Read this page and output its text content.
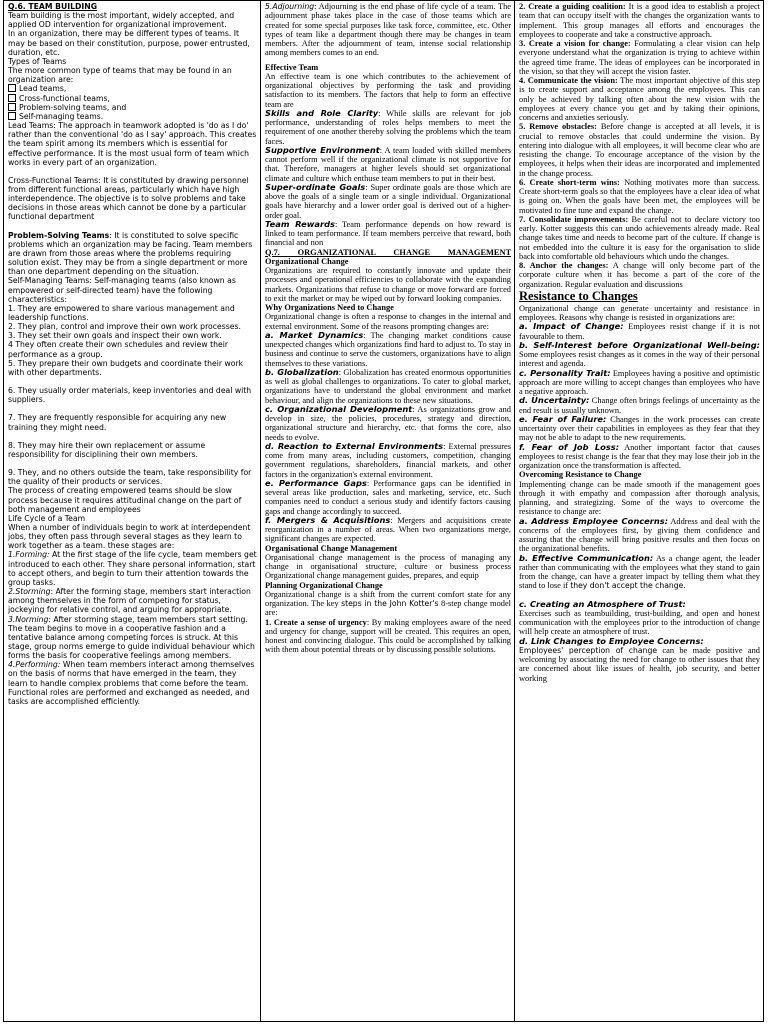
Q.6. TEAM BUILDING

Team building is the most important, widely accepted, and applied OD intervention for organizational improvement.

In an organization, there may be different types of teams. It may be based on their constitution, purpose, power entrusted, duration, etc.

Types of Teams

The more common type of teams that may be found in an organization are:

Lead teams,

Cross-functional teams,

Problem-solving teams, and

Self-managing teams.

Lead Teams: The approach in teamwork adopted is 'do as I do' rather than the conventional 'do as I say' approach. This creates the team spirit among its members which is essential for effective performance. It is the most usual form of team which works in every part of an organization.

Cross-Functional Teams: It is constituted by drawing personnel from different functional areas, particularly which have high interdependence. The objective is to solve problems and take decisions in those areas which cannot be done by a particular functional department

Problem-Solving Teams: It is constituted to solve specific problems which an organization may be facing. Team members are drawn from those areas where the problems requiring solution exist. They may be from a single department or more than one department depending on the situation.

Self-Managing Teams: Self-managing teams (also known as empowered or self-directed team) have the following characteristics:

1. They are empowered to share various management and leadership functions.

2. They plan, control and improve their own work processes.

3. They set their own goals and inspect their own work.

4 They often create their own schedules and review their performance as a group.

5. They prepare their own budgets and coordinate their work with other departments.

6. They usually order materials, keep inventories and deal with suppliers.

7. They are frequently responsible for acquiring any new training they might need.

8. They may hire their own replacement or assume responsibility for disciplining their own members.

9. They, and no others outside the team, take responsibility for the quality of their products or services.

The process of creating empowered teams should be slow process because it requires attitudinal change on the part of both management and employees

Life Cycle of a Team

When a number of individuals begin to work at interdependent jobs, they often pass through several stages as they learn to work together as a team. these stages are:

1.Forming: At the first stage of the life cycle, team members get introduced to each other. They share personal information, start to accept others, and begin to turn their attention towards the group tasks.

2.Storming: After the forming stage, members start interaction among themselves in the form of competing for status, jockeying for relative control, and arguing for appropriate.

3.Norming: After storming stage, team members start setting. The team begins to move in a cooperative fashion and a tentative balance among competing forces is struck. At this stage, group norms emerge to guide individual behaviour which forms the basis for cooperative feelings among members.

4.Performing: When team members interact among themselves on the basis of norms that have emerged in the team, they learn to handle complex problems that come before the team. Functional roles are performed and exchanged as needed, and tasks are accomplished efficiently.

5.Adjourning: Adjourning is the end phase of life cycle of a team. The adjournment phase takes place in the case of those teams which are created for some special purposes like task force, committee, etc. Other types of team like a department though there may be changes in team members. After the adjournment of team, intense social relationship among members comes to an end.

Effective Team

An effective team is one which contributes to the achievement of organizational objectives by performing the task and providing satisfaction to its members. The factors that help to form an effective team are

Skills and Role Clarity: While skills are relevant for job performance, understanding of roles helps members to meet the requirement of one another thereby solving the problems which the team faces.

Supportive Environment: A team loaded with skilled members cannot perform well if the organizational climate is not supportive for that. Therefore, managers at higher levels should set organizational climate and culture which enthuse team members to put in their best.

Super-ordinate Goals: Super ordinate goals are those which are above the goals of a single team or a single individual. Organizational goals have hierarchy and a lower order goal is derived out of a higher-order goal.

Team Rewards: Team performance depends on how reward is linked to team performance. If team members perceive that reward, both financial and non

Q.7. ORGANIZATIONAL CHANGE MANAGEMENT Organizational Change

Organizations are required to constantly innovate and update their processes and operational efficiencies to collaborate with the expanding markets. Organizations that refuse to change or move forward are forced to exit the market or may be wiped out by forward looking companies.

Why Organizations Need to Change

Organizational change is often a response to changes in the internal and external environment. Some of the reasons prompting changes are:

a. Market Dynamics: The changing market conditions cause unexpected changes which organizations find hard to adjust to. To stay in business and continue to serve the customers, organizations have to align themselves to these variations.

b. Globalization: Globalization has created enormous opportunities as well as global challenges to organizations. To cater to global market, organizations have to understand the global environment and market behaviour, and align the organizations to these new situations.

c. Organizational Development: As organizations grow and develop in size, the policies, procedures, strategy and direction, organizational structure and hierarchy, etc. that forms the core, also needs to evolve.

d. Reaction to External Environments: External pressures come from many areas, including customers, competition, changing government regulations, shareholders, financial markets, and other factors in the organization's external environment.

e. Performance Gaps: Performance gaps can be identified in several areas like production, sales and marketing, service, etc. Such companies need to conduct a serious study and identify factors causing gaps and change accordingly to succeed.

f. Mergers & Acquisitions: Mergers and acquisitions create reorganization in a number of areas. When two organizations merge, significant changes are expected.

Organisational Change Management

Organisational change management is the process of managing any change in organisational structure, culture or business process Organizational change management guides, prepares, and equip

Planning Organizational Change

Organizational change is a shift from the current comfort state for any organization. The key steps in the John Kotter's 8-step change model are:

1. Create a sense of urgency: By making employees aware of the need and urgency for change, support will be created. This requires an open, honest and convincing dialogue. This could be accomplished by talking with them about potential threats or by discussing possible solutions.

2. Create a guiding coalition: It is a good idea to establish a project team that can occupy itself with the changes the organization wants to implement. This group manages all efforts and encourages the employees to cooperate and take a constructive approach.

3. Create a vision for change: Formulating a clear vision can help everyone understand what the organization is trying to achieve within the agreed time frame. The ideas of employees can be incorporated in the vision, so that they will accept the vision faster.

4. Communicate the vision: The most important objective of this step is to create support and acceptance among the employees. This can only be achieved by talking often about the new vision with the employees at every chance you get and by taking their opinions, concerns and anxieties seriously.

5. Remove obstacles: Before change is accepted at all levels, it is crucial to remove obstacles that could undermine the vision. By entering into dialogue with all employees, it will become clear who are resisting the change. To encourage acceptance of the vision by the employees, it helps when their ideas are incorporated and implemented in the change process.

6. Create short-term wins: Nothing motivates more than success. Create short-term goals so that the employees have a clear idea of what is going on. When the goals have been met, the employees will be motivated to fine tune and expand the change.

7. Consolidate improvements: Be careful not to declare victory too early. Kotter suggests this can undo achievements already made. Real change takes time and needs to become part of the culture. If change is not embedded into the culture it is easy for the organisation to slide back into comfortable old behaviours which undo the changes.

8. Anchor the changes: A change will only become part of the corporate culture when it has become a part of the core of the organization. Regular evaluation and discussions

Resistance to Changes

Organizational change can generate uncertainty and resistance in employees. Reasons why change is resisted in organizations are:

a. Impact of Change: Employees resist change if it is not favourable to them.

b. Self-Interest before Organizational Well-being: Some employees resist changes as it comes in the way of their personal interest and agenda.

c. Personality Trait: Employees having a positive and optimistic approach are more willing to accept changes than employees who have a negative approach.

d. Uncertainty: Change often brings feelings of uncertainty as the end result is usually unknown.

e. Fear of Failure: Changes in the work processes can create uncertainty over their capabilities in employees as they fear that they may not be able to adapt to the new requirements.

f. Fear of Job Loss: Another important factor that causes employees to resist change is the fear that they may lose their job in the organization once the transformation is affected.

Overcoming Resistance to Change

Implementing change can be made smooth if the management goes through it with empathy and compassion after thorough analysis, planning, and strategizing. Some of the ways to overcome the resistance to change are:

a. Address Employee Concerns: Address and deal with the concerns of the employees first, by giving them confidence and assuring that the change will bring positive results and then focus on the organizational benefits.

b. Effective Communication: As a change agent, the leader rather than communicating with the employees what they stand to gain from the change, can have a greater impact by telling them what they stand to lose if they don't accept the change.

c. Creating an Atmosphere of Trust:

Exercises such as teambuilding, trust-building, and open and honest communication with the employees prior to the introduction of change will help create an atmosphere of trust.

d. Link Changes to Employee Concerns:

Employees' perception of change can be made positive and welcoming by associating the need for change to other issues that they are concerned about like issues of health, job security, and better working
